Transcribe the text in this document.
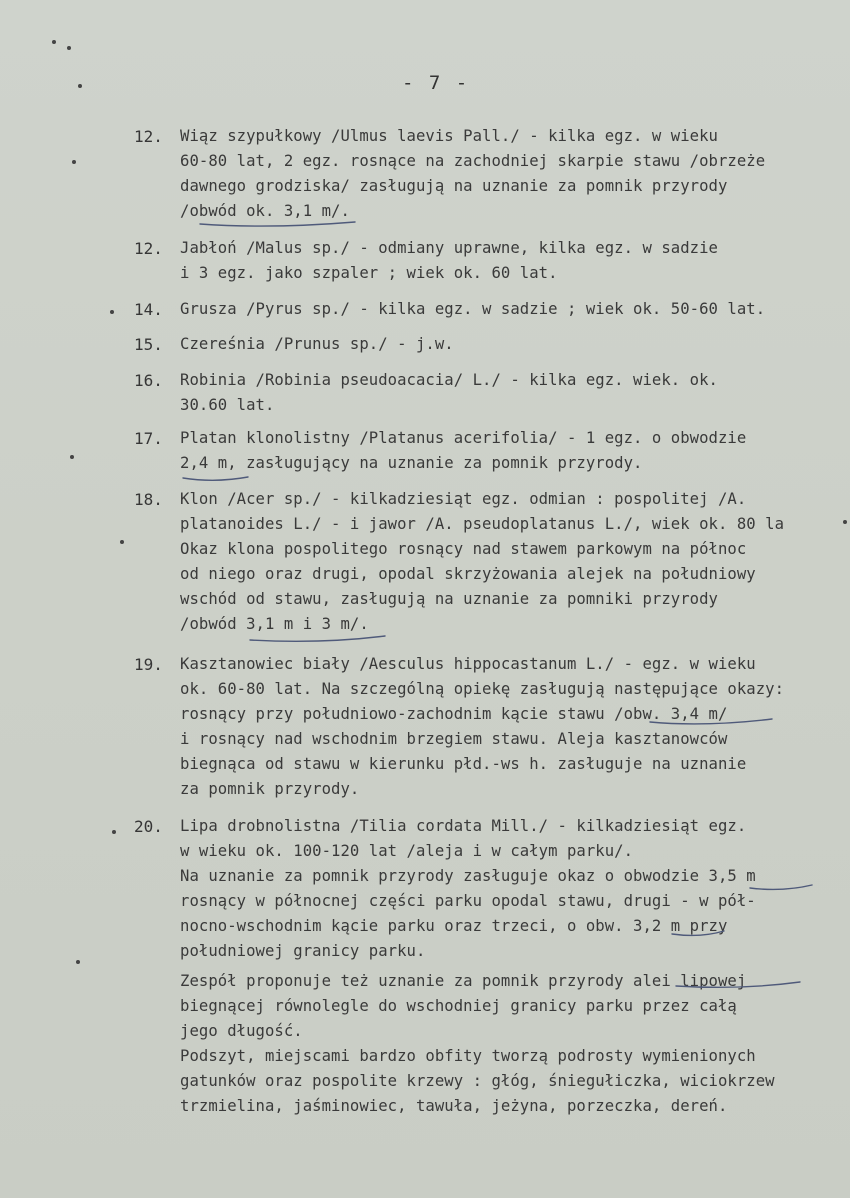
- 7 -
12. Wiąz szypułkowy /Ulmus laevis Pall./ - kilka egz. w wieku
60-80 lat, 2 egz. rosnące na zachodniej skarpie stawu /obrzeże
dawnego grodziska/ zasługują na uznanie za pomnik przyrody
/obwód ok. 3,1 m/.
12. Jabłoń /Malus sp./ - odmiany uprawne, kilka egz. w sadzie
i 3 egz. jako szpaler ; wiek ok. 60 lat.
14. Grusza /Pyrus sp./ - kilka egz. w sadzie ; wiek ok. 50-60 lat.
15. Czereśnia /Prunus sp./ - j.w.
16. Robinia /Robinia pseudoacacia/ L./ - kilka egz. wiek. ok.
30.60 lat.
17. Platan klonolistny /Platanus acerifolia/ - 1 egz. o obwodzie
2,4 m, zasługujący na uznanie za pomnik przyrody.
18. Klon /Acer sp./ - kilkadziesiąt egz. odmian : pospolitej /A.
platanoides L./ - i jawor /A. pseudoplatanus L./, wiek ok. 80 la
Okaz klona pospolitego rosnący nad stawem parkowym na północ
od niego oraz drugi, opodal skrzyżowania alejek na południowy
wschód od stawu, zasługują na uznanie za pomniki przyrody
/obwód 3,1 m i 3 m/.
19. Kasztanowiec biały /Aesculus hippocastanum L./ - egz. w wieku
ok. 60-80 lat. Na szczególną opiekę zasługują następujące okazy:
rosnący przy południowo-zachodnim kącie stawu /obw. 3,4 m/
i rosnący nad wschodnim brzegiem stawu. Aleja kasztanowców
biegnąca od stawu w kierunku płd.-ws h. zasługuje na uznanie
za pomnik przyrody.
20. Lipa drobnolistna /Tilia cordata Mill./ - kilkadziesiąt egz.
w wieku ok. 100-120 lat /aleja i w całym parku/.
Na uznanie za pomnik przyrody zasługuje okaz o obwodzie 3,5 m
rosnący w północnej części parku opodal stawu, drugi - w pół-
nocno-wschodnim kącie parku oraz trzeci, o obw. 3,2 m przy
południowej granicy parku.
Zespół proponuje też uznanie za pomnik przyrody alei lipowej
biegnącej równolegle do wschodniej granicy parku przez całą
jego długość.
Podszyt, miejscami bardzo obfity tworzą podrosty wymienionych
gatunków oraz pospolite krzewy : głóg, śniegułiczka, wiciokrzew
trzmielina, jaśminowiec, tawuła, jeżyna, porzeczka, dereń.
